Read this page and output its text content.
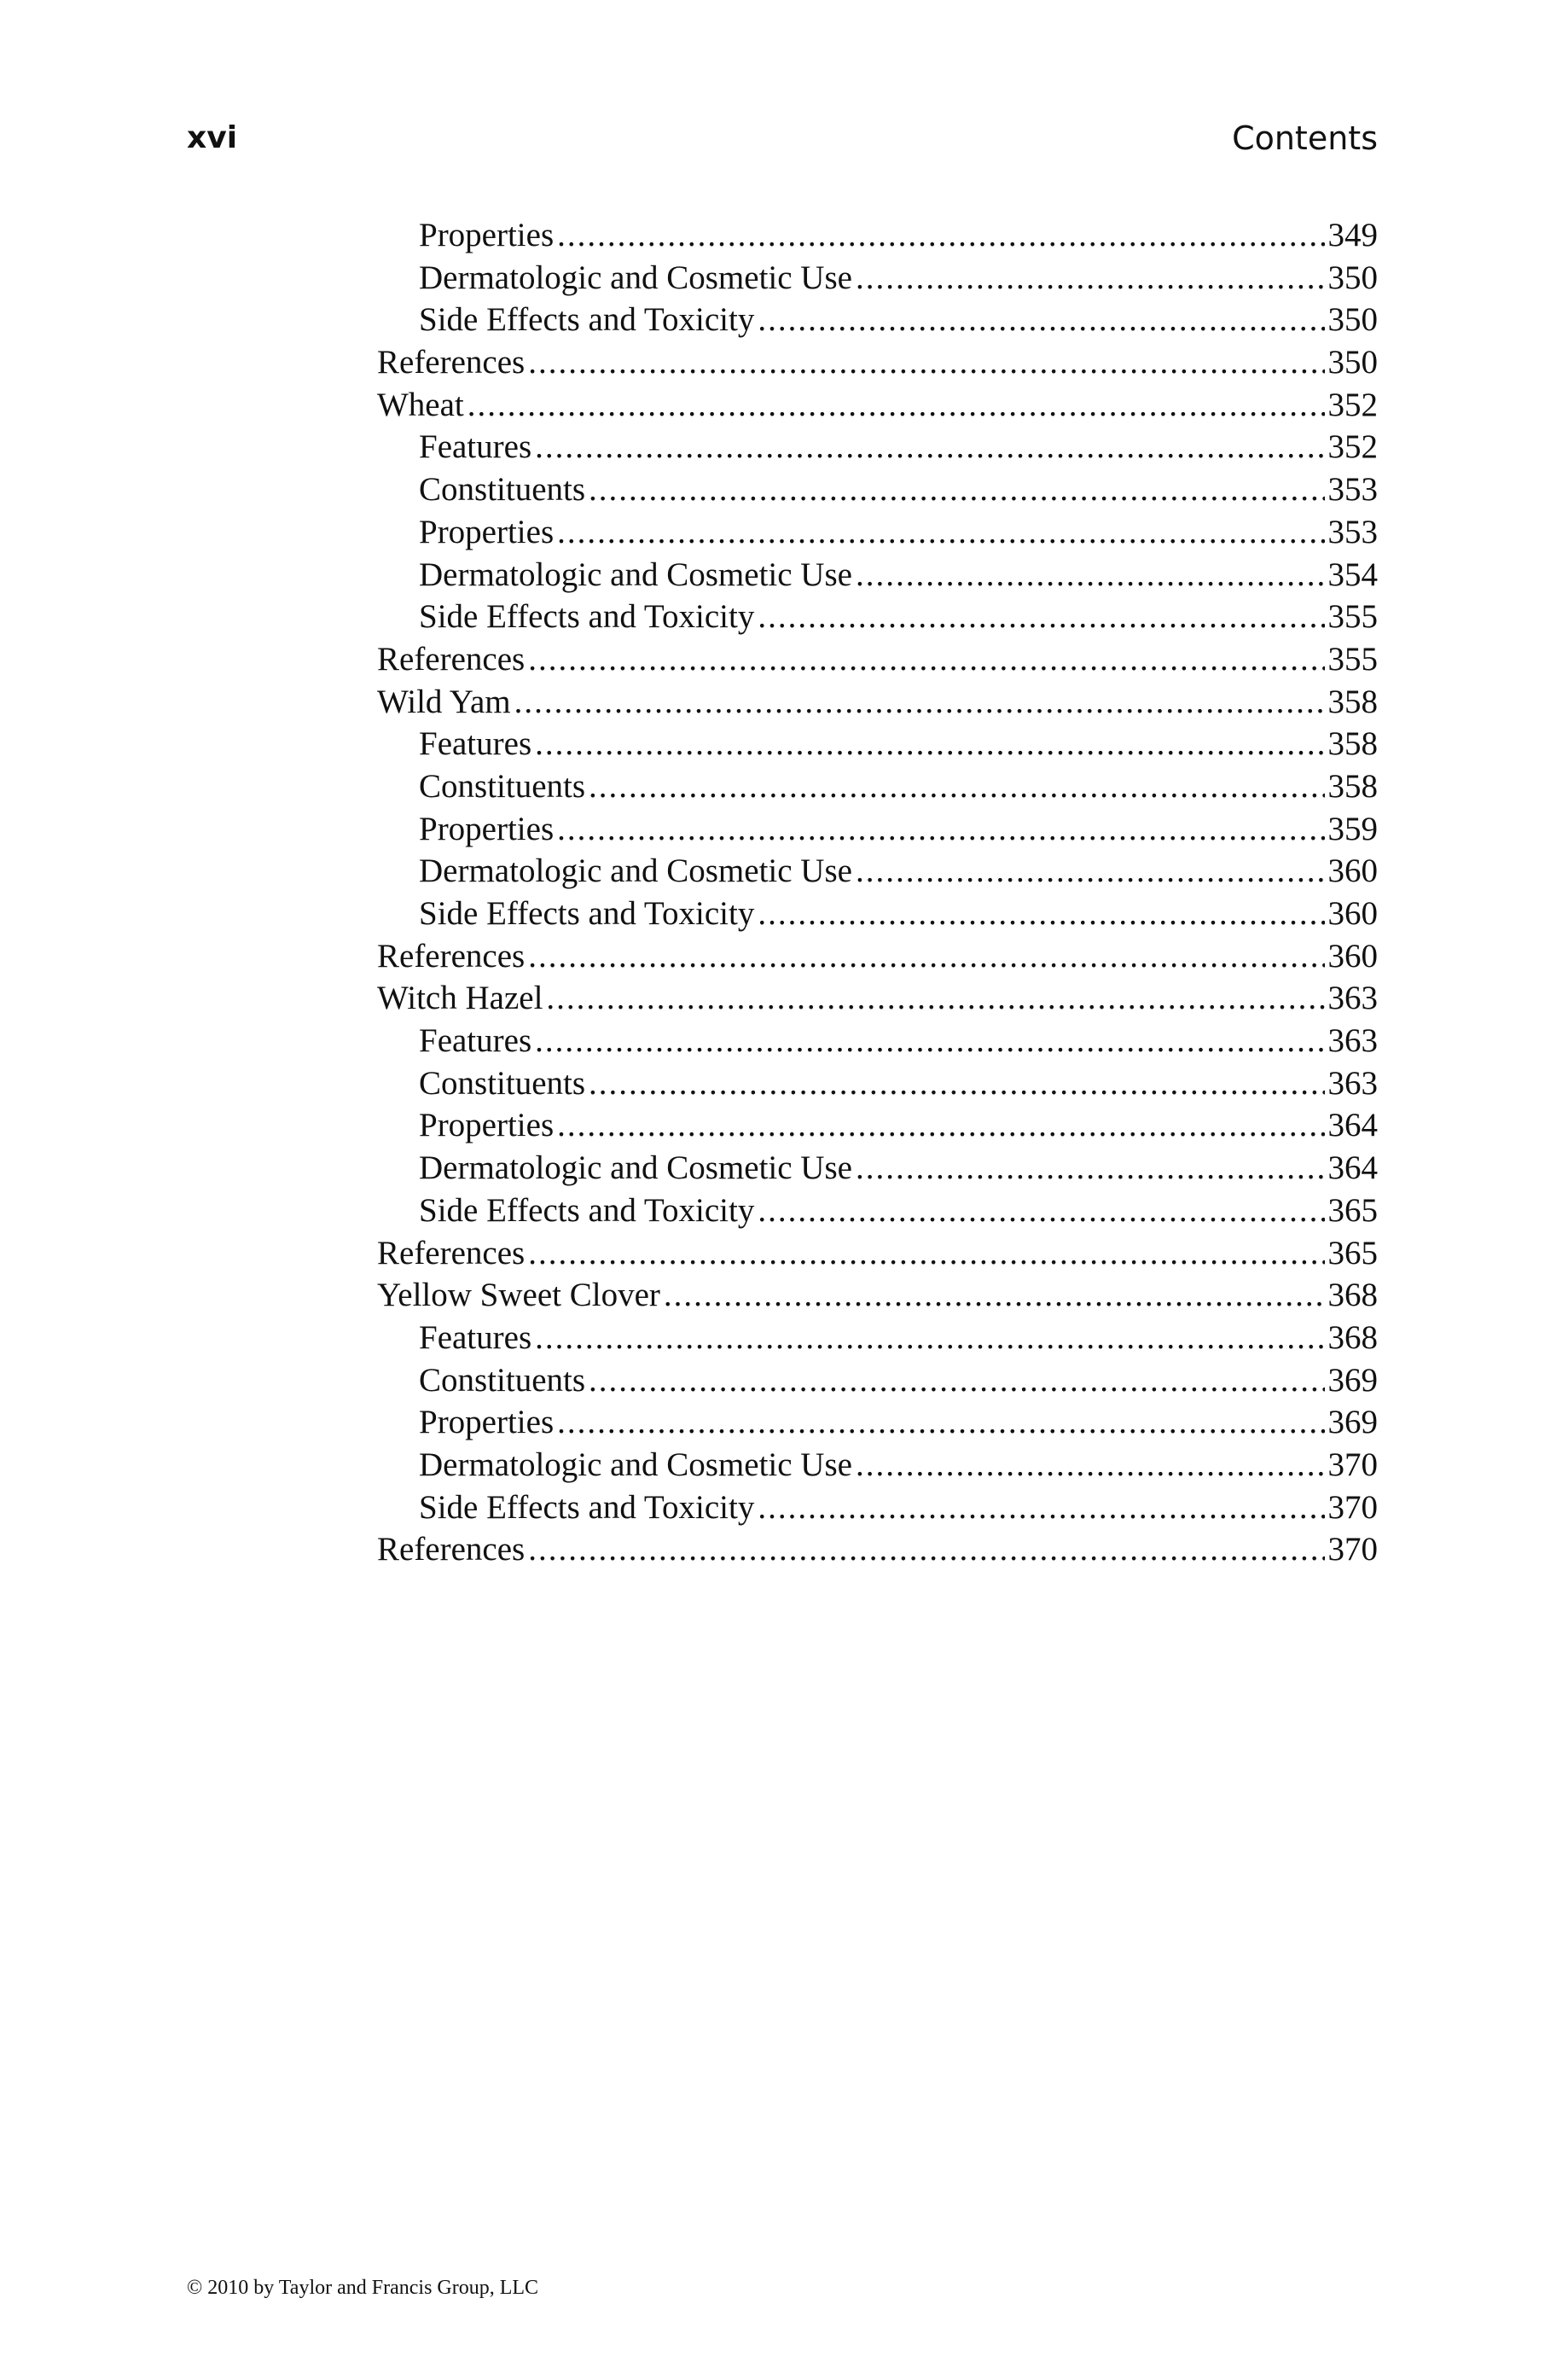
xvi	Contents
Properties .....	349
Dermatologic and Cosmetic Use .....	350
Side Effects and Toxicity .....	350
References .....	350
Wheat .....	352
Features .....	352
Constituents .....	353
Properties .....	353
Dermatologic and Cosmetic Use .....	354
Side Effects and Toxicity .....	355
References .....	355
Wild Yam .....	358
Features .....	358
Constituents .....	358
Properties .....	359
Dermatologic and Cosmetic Use .....	360
Side Effects and Toxicity .....	360
References .....	360
Witch Hazel .....	363
Features .....	363
Constituents .....	363
Properties .....	364
Dermatologic and Cosmetic Use .....	364
Side Effects and Toxicity .....	365
References .....	365
Yellow Sweet Clover .....	368
Features .....	368
Constituents .....	369
Properties .....	369
Dermatologic and Cosmetic Use .....	370
Side Effects and Toxicity .....	370
References .....	370
© 2010 by Taylor and Francis Group, LLC
